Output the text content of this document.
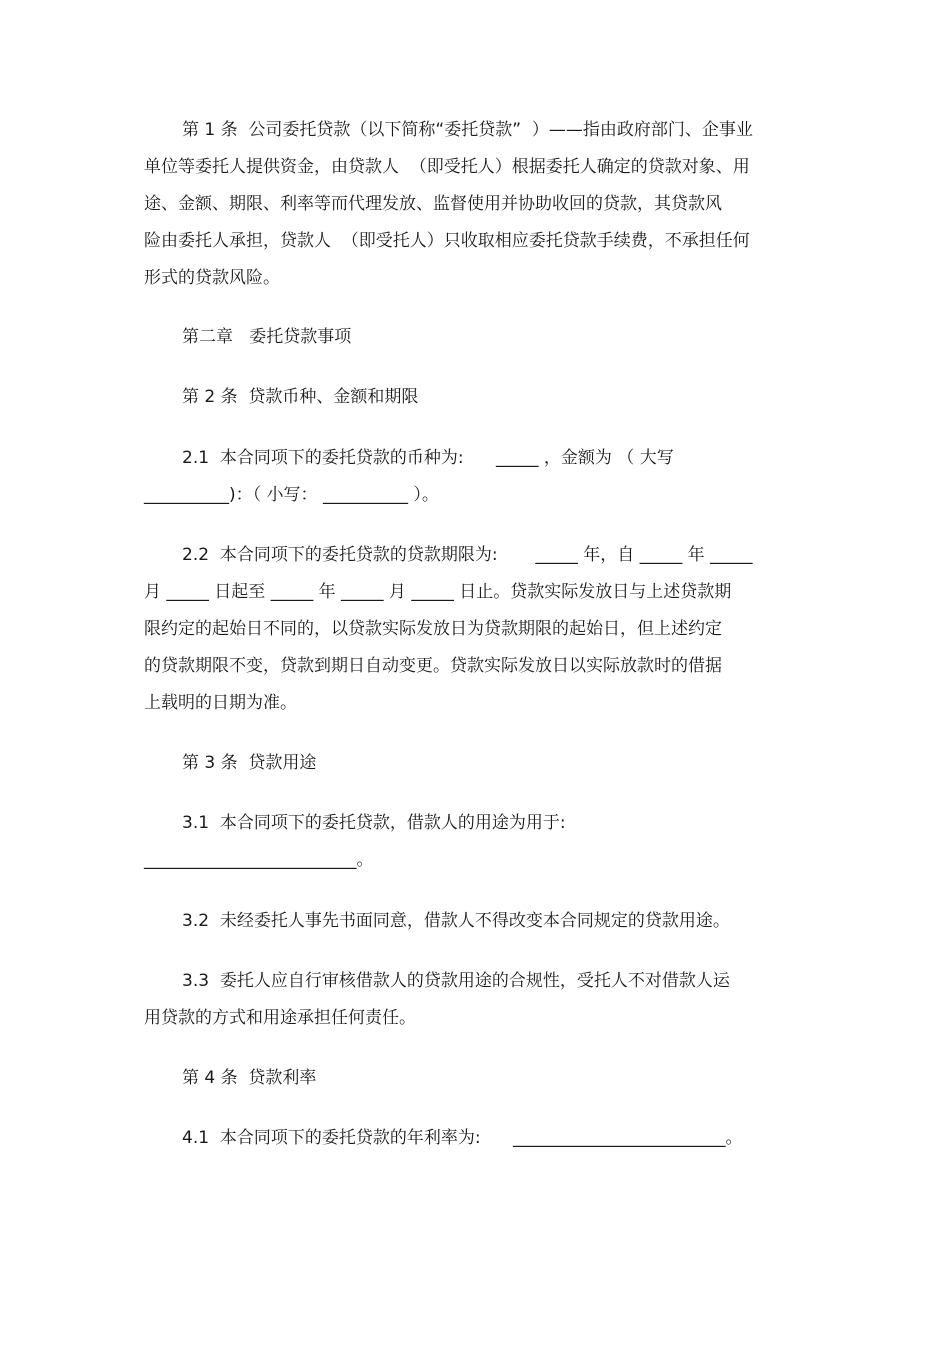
第 1 条  公司委托贷款（以下简称“委托贷款”  ）——指由政府部门、企事业
单位等委托人提供资金，由贷款人  （即受托人）根据委托人确定的贷款对象、用
途、金额、期限、利率等而代理发放、监督使用并协助收回的贷款，其贷款风
险由委托人承担，贷款人  （即受托人）只收取相应委托贷款手续费，不承担任何
形式的贷款风险。
第二章   委托贷款事项
第 2 条  贷款币种、金额和期限
2.1  本合同项下的委托贷款的币种为:      _____ ，金额为 （ 大写
__________)：（ 小写： __________ ）。
2.2  本合同项下的委托贷款的贷款期限为:       _____ 年，自 _____ 年 _____
月 _____ 日起至 _____ 年 _____ 月 _____ 日止。贷款实际发放日与上述贷款期
限约定的起始日不同的，以贷款实际发放日为贷款期限的起始日，但上述约定
的贷款期限不变，贷款到期日自动变更。贷款实际发放日以实际放款时的借据
上载明的日期为准。
第 3 条  贷款用途
3.1  本合同项下的委托贷款，借款人的用途为用于:
_________________________。
3.2  未经委托人事先书面同意，借款人不得改变本合同规定的贷款用途。
3.3  委托人应自行审核借款人的贷款用途的合规性，受托人不对借款人运
用贷款的方式和用途承担任何责任。
第 4 条  贷款利率
4.1  本合同项下的委托贷款的年利率为:      _________________________。
